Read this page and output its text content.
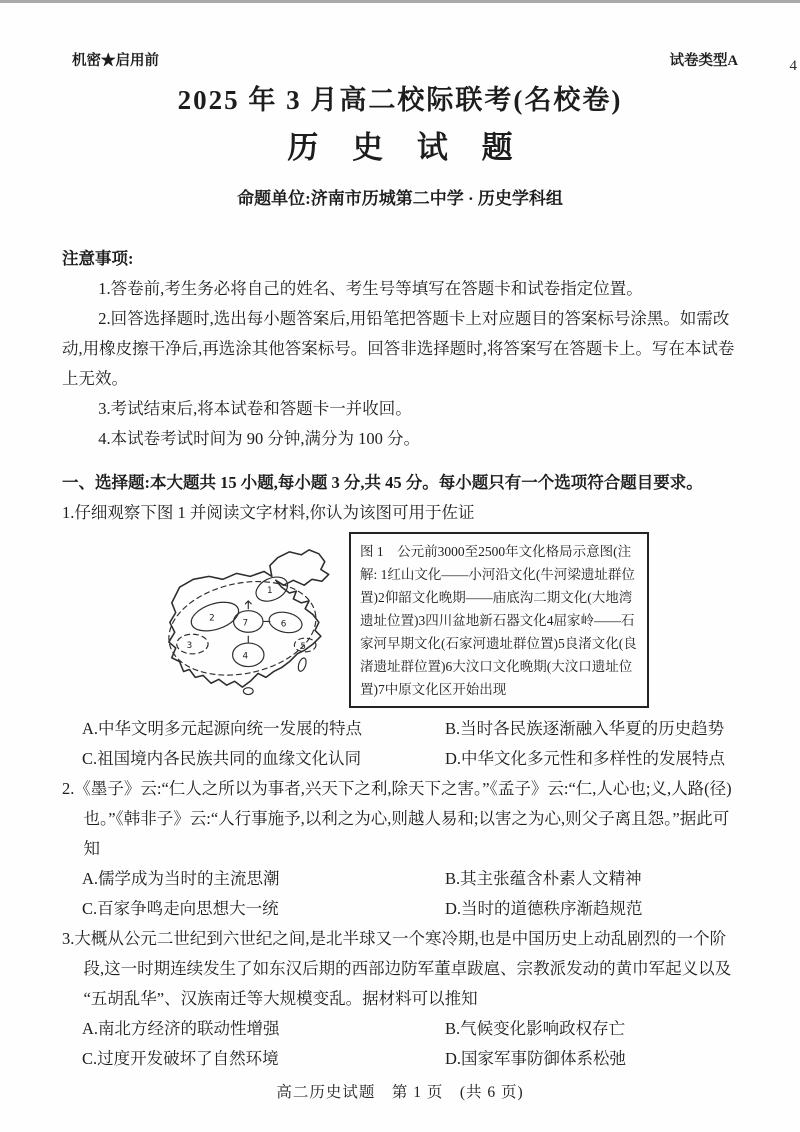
机密★启用前	试卷类型A
2025 年 3 月高二校际联考(名校卷)
历 史 试 题
命题单位:济南市历城第二中学 · 历史学科组

注意事项:

1.答卷前,考生务必将自己的姓名、考生号等填写在答题卡和试卷指定位置。

2.回答选择题时,选出每小题答案后,用铅笔把答题卡上对应题目的答案标号涂黑。如需改动,用橡皮擦干净后,再选涂其他答案标号。回答非选择题时,将答案写在答题卡上。写在本试卷上无效。

3.考试结束后,将本试卷和答题卡一并收回。

4.本试卷考试时间为 90 分钟,满分为 100 分。

一、选择题:本大题共 15 小题,每小题 3 分,共 45 分。每小题只有一个选项符合题目要求。

1.仔细观察下图 1 并阅读文字材料,你认为该图可用于佐证

1
2
3
4
5
6
7
图 1　公元前3000至2500年文化格局示意图(注解: 1红山文化——小河沿文化(牛河梁遗址群位置)2仰韶文化晚期——庙底沟二期文化(大地湾遗址位置)3四川盆地新石器文化4屈家岭——石家河早期文化(石家河遗址群位置)5良渚文化(良渚遗址群位置)6大汶口文化晚期(大汶口遗址位置)7中原文化区开始出现
A.中华文明多元起源向统一发展的特点	B.当时各民族逐渐融入华夏的历史趋势
C.祖国境内各民族共同的血缘文化认同	D.中华文化多元性和多样性的发展特点

2.《墨子》云:“仁人之所以为事者,兴天下之利,除天下之害。”《孟子》云:“仁,人心也;义,人路(径)也。”《韩非子》云:“人行事施予,以利之为心,则越人易和;以害之为心,则父子离且怨。”据此可知

A.儒学成为当时的主流思潮	B.其主张蕴含朴素人文精神
C.百家争鸣走向思想大一统	D.当时的道德秩序渐趋规范

3.大概从公元二世纪到六世纪之间,是北半球又一个寒冷期,也是中国历史上动乱剧烈的一个阶段,这一时期连续发生了如东汉后期的西部边防军董卓跋扈、宗教派发动的黄巾军起义以及“五胡乱华”、汉族南迁等大规模变乱。据材料可以推知

A.南北方经济的联动性增强	B.气候变化影响政权存亡
C.过度开发破坏了自然环境	D.国家军事防御体系松弛
高二历史试题　第 1 页　(共 6 页)
4
